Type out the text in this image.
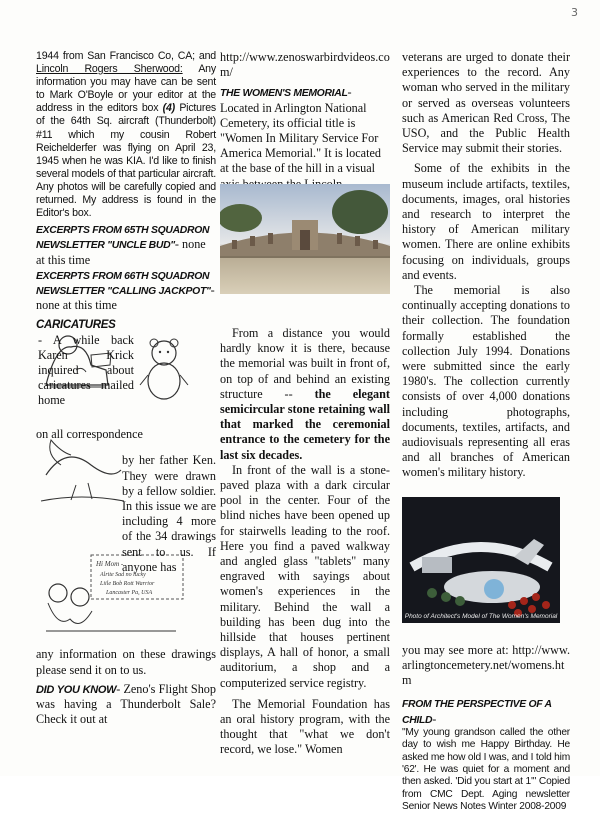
3

1944 from San Francisco Co, CA; and Lincoln Rogers Sherwood: Any information you may have can be sent to Mark O'Boyle or your editor at the address in the editors box (4) Pictures of the 64th Sq. aircraft (Thunderbolt) #11 which my cousin Robert Reichelderfer was flying on April 23, 1945 when he was KIA. I'd like to finish several models of that particular aircraft. Any photos will be carefully copied and returned. My address is found in the Editor's box.

EXCERPTS FROM 65TH SQUADRON NEWSLETTER "UNCLE BUD"- none at this time

EXCERPTS FROM 66TH SQUADRON NEWSLETTER "CALLING JACKPOT"- none at this time

Hi Mom -
Alrite Sad no lucky
Liile Bob Rott Warrior
Lancaster Pa, USA

CARICATURES - A while back Karen Krick inquired about caricatures mailed home

on all correspondence

by her father Ken. They were drawn by a fellow soldier. In this issue we are including 4 more of the 34 drawings sent to us. If anyone has

any information on these drawings please send it on to us.

DID YOU KNOW- Zeno's Flight Shop was having a Thunderbolt Sale? Check it out at

http://www.zenoswarbirdvideos.com/

THE WOMEN'S MEMORIAL- Located in Arlington National Cemetery, its official title is "Women In Military Service For America Memorial." It is located at the base of the hill in a visual

From a distance you would hardly know it is there, because the memorial was built in front of, on top of and behind an existing structure -- the elegant semicircular stone retaining wall that marked the ceremonial entrance to the cemetery for the last six decades.

In front of the wall is a stone-paved plaza with a dark circular pool in the center. Four of the blind niches have been opened up for stairwells leading to the roof. Here you find a paved walkway and angled glass "tablets" many engraved with sayings about women's experiences in the military. Behind the wall a building has been dug into the hillside that houses pertinent displays, A hall of honor, a small auditorium, a shop and a computerized service registry.

The Memorial Foundation has an oral history program, with the thought that "what we don't record, we lose." Women

veterans are urged to donate their experiences to the record. Any woman who served in the military or served as overseas volunteers such as American Red Cross, The USO, and the Public Health Service may submit their stories.

Some of the exhibits in the museum include artifacts, textiles, documents, images, oral histories and research to interpret the history of American military women. There are online exhibits focusing on individuals, groups and events.

The memorial is also continually accepting donations to their collection. The foundation formally established the collection July 1994. Donations were submitted since the early 1980's. The collection currently consists of over 4,000 donations including photographs, documents, textiles, artifacts, and audiovisuals representing all eras and all branches of American women's military history.

Photo of Architect's Model of The Women's Memorial

you may see more at: http://www.arlingtoncemetery.net/womens.htm

FROM THE PERSPECTIVE OF A CHILD-

"My young grandson called the other day to wish me Happy Birthday. He asked me how old I was, and I told him '62'. He was quiet for a moment and then asked. 'Did you start at 1'" Copied from CMC Dept. Aging newsletter Senior News Notes Winter 2008-2009
